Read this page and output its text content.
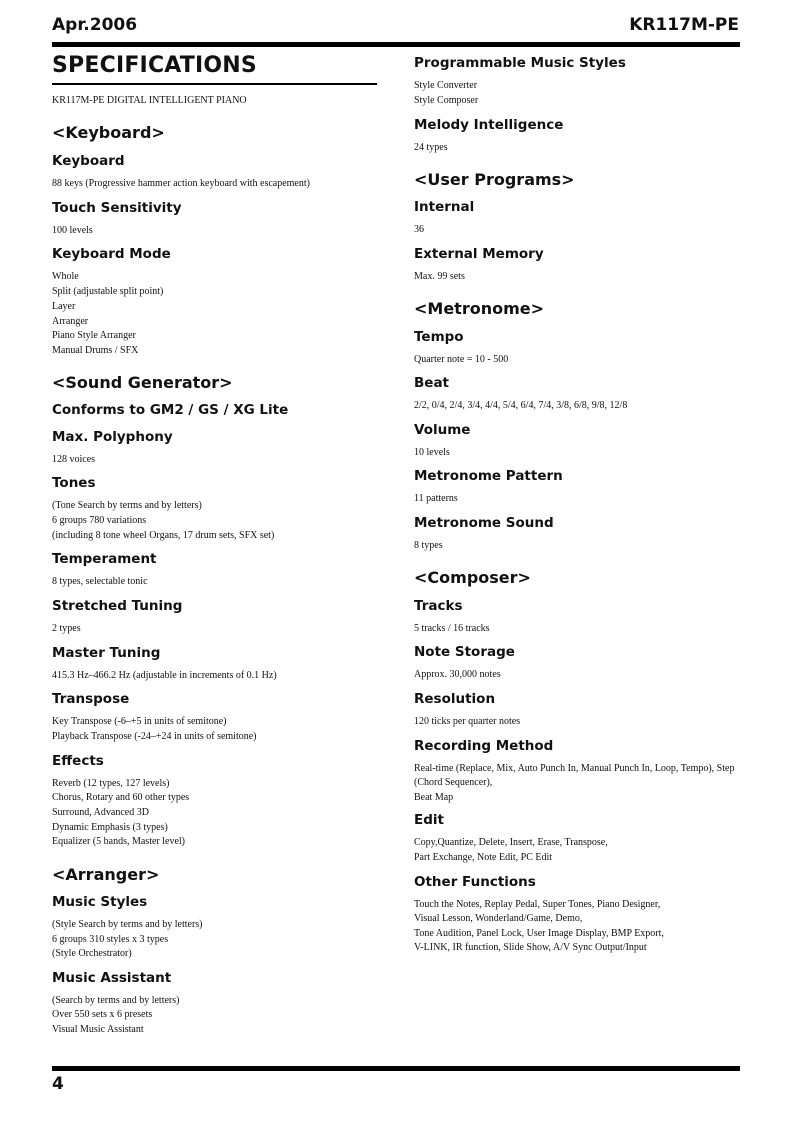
Apr.2006	KR117M-PE
SPECIFICATIONS
KR117M-PE DIGITAL INTELLIGENT PIANO
<Keyboard>
Keyboard
88 keys (Progressive hammer action keyboard with escapement)
Touch Sensitivity
100 levels
Keyboard Mode
Whole
Split (adjustable split point)
Layer
Arranger
Piano Style Arranger
Manual Drums / SFX
<Sound Generator>
Conforms to GM2 / GS / XG Lite
Max. Polyphony
128 voices
Tones
(Tone Search by terms and by letters)
6 groups 780 variations
(including 8 tone wheel Organs, 17 drum sets, SFX set)
Temperament
8 types, selectable tonic
Stretched Tuning
2 types
Master Tuning
415.3 Hz–466.2 Hz (adjustable in increments of 0.1 Hz)
Transpose
Key Transpose (-6–+5 in units of semitone)
Playback Transpose (-24–+24 in units of semitone)
Effects
Reverb (12 types, 127 levels)
Chorus, Rotary and 60 other types
Surround, Advanced 3D
Dynamic Emphasis (3 types)
Equalizer (5 bands, Master level)
<Arranger>
Music Styles
(Style Search by terms and by letters)
6 groups 310 styles x 3 types
(Style Orchestrator)
Music Assistant
(Search by terms and by letters)
Over 550 sets x 6 presets
Visual Music Assistant
Programmable Music Styles
Style Converter
Style Composer
Melody Intelligence
24 types
<User Programs>
Internal
36
External Memory
Max. 99 sets
<Metronome>
Tempo
Quarter note = 10 - 500
Beat
2/2, 0/4, 2/4, 3/4, 4/4, 5/4, 6/4, 7/4, 3/8, 6/8, 9/8, 12/8
Volume
10 levels
Metronome Pattern
11 patterns
Metronome Sound
8 types
<Composer>
Tracks
5 tracks / 16 tracks
Note Storage
Approx. 30,000 notes
Resolution
120 ticks per quarter notes
Recording Method
Real-time (Replace, Mix, Auto Punch In, Manual Punch In, Loop, Tempo), Step
(Chord Sequencer),
Beat Map
Edit
Copy,Quantize, Delete, Insert, Erase, Transpose,
Part Exchange, Note Edit, PC Edit
Other Functions
Touch the Notes, Replay Pedal, Super Tones, Piano Designer,
Visual Lesson, Wonderland/Game, Demo,
Tone Audition, Panel Lock, User Image Display, BMP Export,
V-LINK, IR function, Slide Show, A/V Sync Output/Input
4
